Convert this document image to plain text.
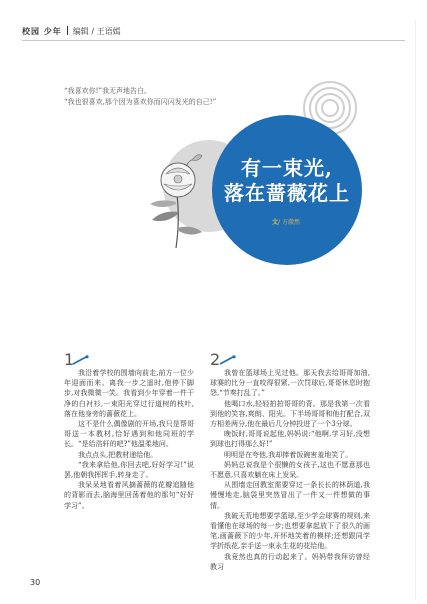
校园 少年 编辑 / 王语嫣
“我喜欢你!”我无声地告白。
“我也很喜欢,那个因为喜欢你而闪闪发光的自己!”
有一束光,
落在蔷薇花上
文/ 方澈然
1

我沿着学校的围墙向前走,前方一位少年迎面而来。离我一步之遥时,他停下脚步,对我微微一笑。我看到少年穿着一件干净的白衬衫,一束阳光穿过行道树的枝叶,落在他身旁的蔷薇花上。

这不是什么偶像剧的开场,我只是帮哥哥送一本教材,恰好遇到和他同班的学长。“是给浩轩的吧?”他温柔地问。

我点点头,把教材递给他。

“我来拿给他,你回去吧,好好学习!”说罢,他朝我挥挥手,转身走了。

我呆呆地看着风摘蔷薇的花瓣追随他的背影而去,脑海里回荡着他的那句“好好学习”。

2

我曾在篮球场上见过他。那天我去给哥哥加油,球赛的比分一直咬得很紧,一次罚球后,哥哥休息时抱怨,“节奏打乱了。”

他喝口水,轻轻拍拍哥哥的背。那是我第一次看到他的笑容,爽朗、阳光。下半场哥哥和他打配合,双方相差两分,他在最后几分钟投进了一个3分球。

晚饭时,哥哥说起他,妈妈说:“他啊,学习好,没想到球也打得那么好!”

明明是在夸他,我却捧着饭碗害羞地笑了。

妈妈总说我是个很懒的女孩子,这也不愿意那也不愿意,只喜欢躺在床上发呆。

从围墙走回教室需要穿过一条长长的林荫道,我慢慢地走,脑袋里突然冒出了一件又一件想做的事情。

我破天荒地想要学篮球,至少学会球赛的规则,来看懂他在球场的每一步;也想要拿起放下了很久的画笔,画蔷薇下的少年,开怀地笑着的模样;还想跟同学学折纸花,亲手送一束永生花的花给他。

我竟然也真的行动起来了。妈妈带我拜访曾经教习

30
